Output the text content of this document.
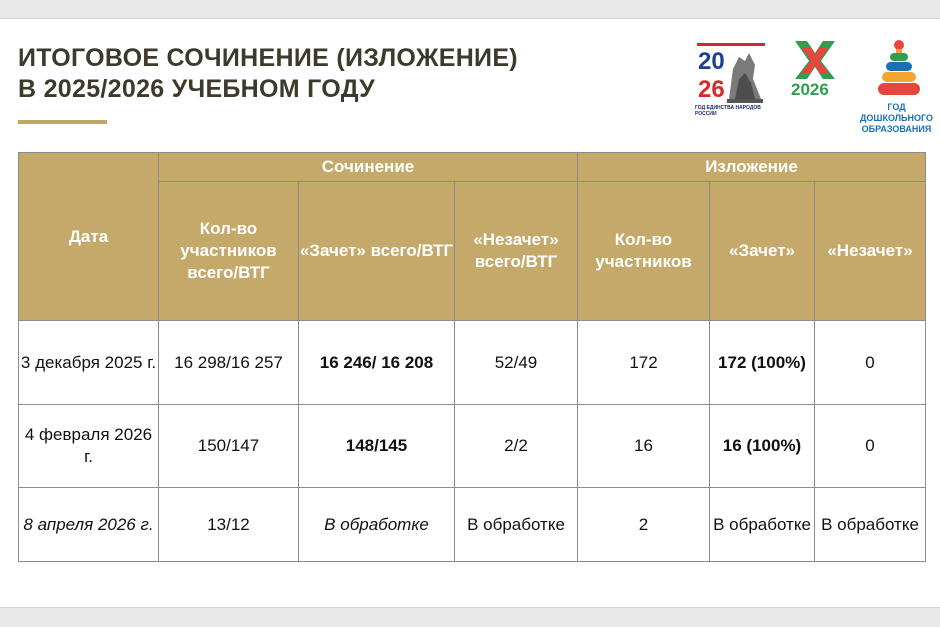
ИТОГОВОЕ СОЧИНЕНИЕ (ИЗЛОЖЕНИЕ)
В 2025/2026 УЧЕБНОМ ГОДУ
20
26
ГОД ЕДИНСТВА НАРОДОВ РОССИИ
2026
ГОД ДОШКОЛЬНОГО
ОБРАЗОВАНИЯ
Дата	Сочинение			Изложение		
	Кол-во участников всего/ВТГ	«Зачет» всего/ВТГ	«Незачет» всего/ВТГ	Кол-во участников	«Зачет»	«Незачет»
3 декабря 2025 г.	16 298/16 257	16 246/ 16 208	52/49	172	172 (100%)	0
4 февраля 2026 г.	150/147	148/145	2/2	16	16 (100%)	0
8 апреля 2026 г.	13/12	В обработке	В обработке	2	В обработке	В обработке
